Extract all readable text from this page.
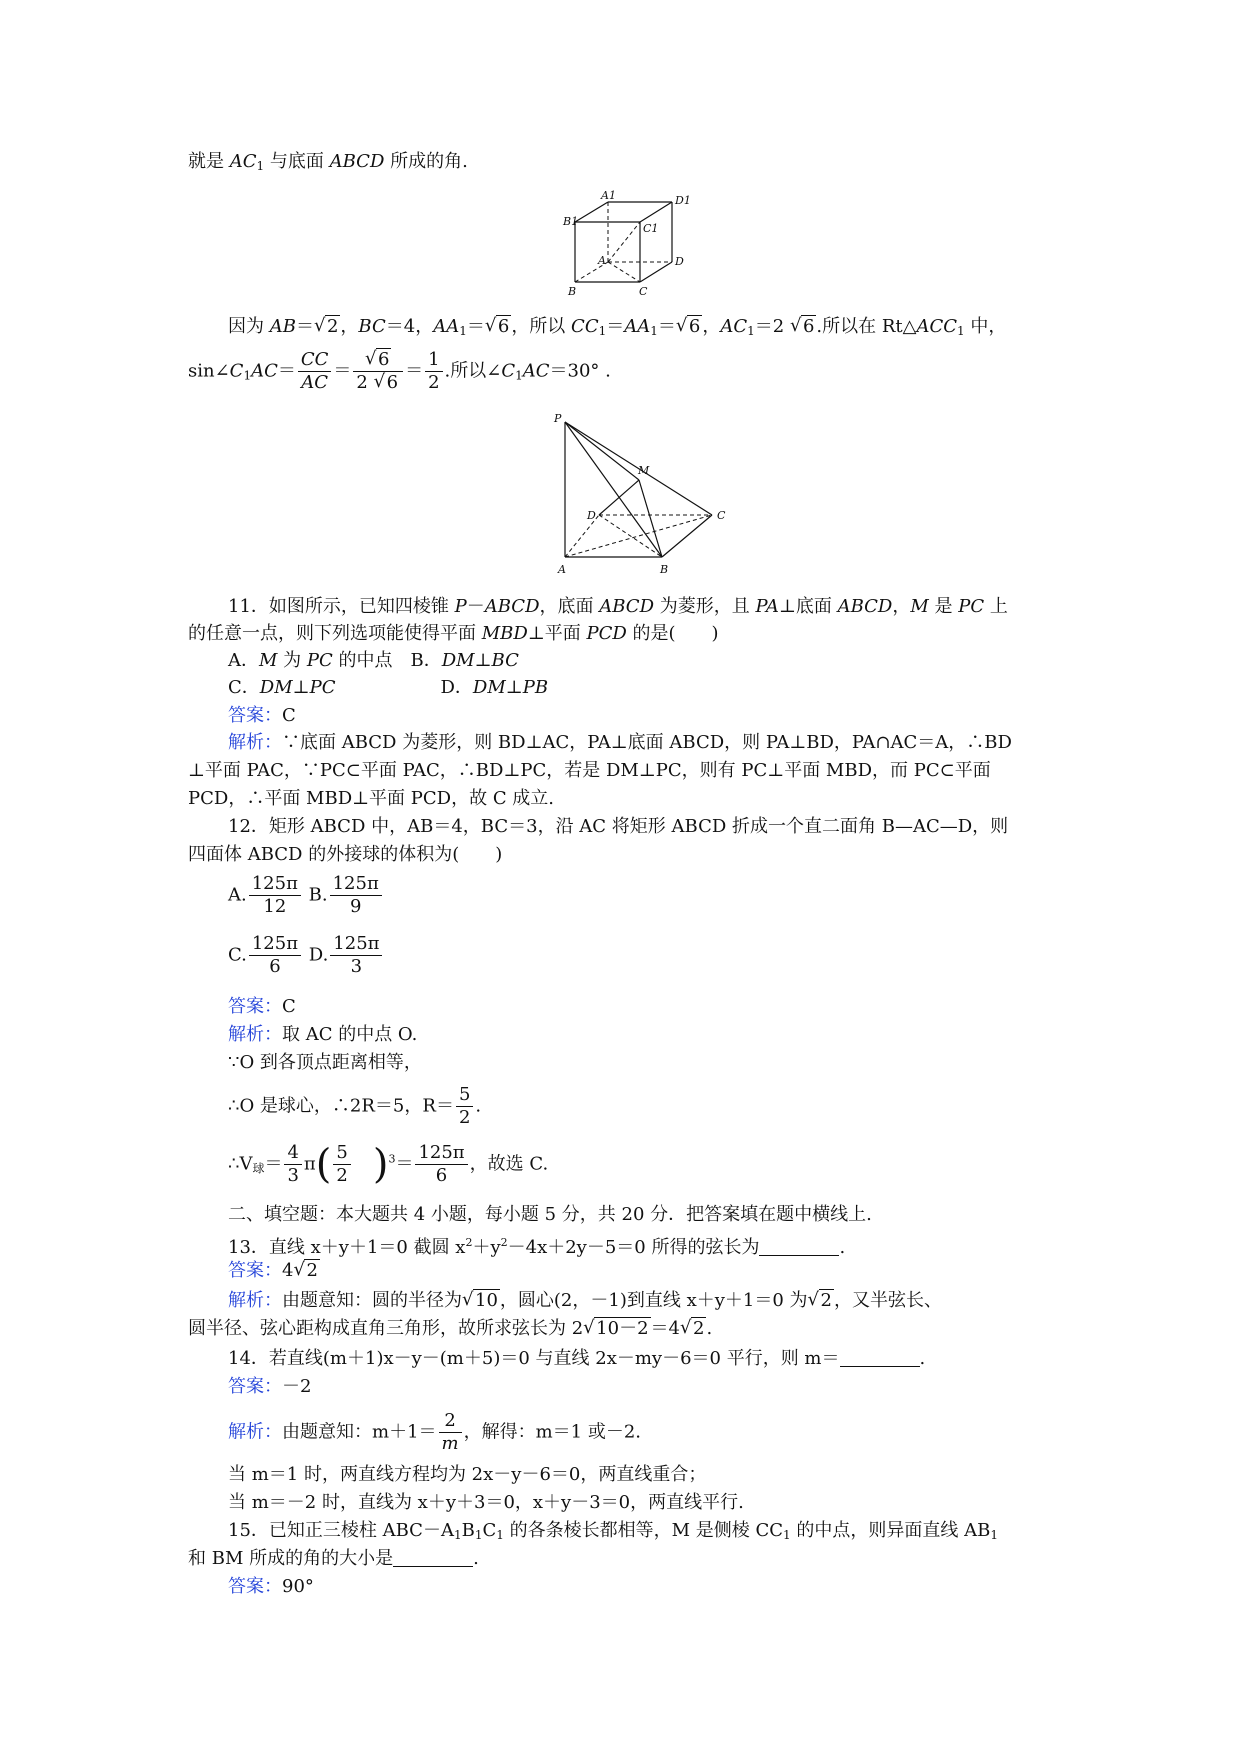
就是 $AC_1$ 与底面 ABCD 所成的角.
A1	D1
B1
C1
A	D
B	C
因为 AB＝√ 2 ，BC＝4，$AA_1=√$ 6 ，所以 $CC_1=AA_1=√$ 6 ，$AC_1=2$ √ 6 .所以在 $Rt\triangle ACC_1$ 中，
$\sin\angle C_1AC= \frac{CC}{AC}$ ＝
√ $\frac{6}{2 √ 6} = \frac{1}{2}$ .所以$\angle C_1AC=30^\circ$ .
P
M
D	C
A	B
11．如图所示，已知四棱锥 P－ABCD，底面 ABCD 为菱形，且 PA⊥底面 ABCD，M 是 PC 上
的任意一点，则下列选项能使得平面 MBD⊥平面 PCD 的是(　　)
A．M 为 PC 的中点　B．DM⊥BC
C．DM⊥PC	D．DM⊥PB
答案：C
解析：∵底面 ABCD 为菱形，则 BD⊥AC，PA⊥底面 ABCD，则 PA⊥BD，PA∩AC＝A，∴BD
⊥平面 PAC，∵PC⊂平面 PAC，∴BD⊥PC，若是 DM⊥PC，则有 PC⊥平面 MBD，而 PC⊂平面
PCD，∴平面 MBD⊥平面 PCD，故 C 成立.
12．矩形 ABCD 中，AB＝4，BC＝3，沿 AC 将矩形 ABCD 折成一个直二面角 B—AC—D，则
四面体 ABCD 的外接球的体积为(　　)
A. $\frac{125\pi}{12} B$. $\frac{125\pi}{9}$
C. $\frac{125\pi}{6} D$. $\frac{125\pi}{3}$
答案：C
解析：取 AC 的中点 O.
∵O 到各顶点距离相等，
∴O 是球心，∴2R＝5，$R= \frac{5}{2}$ .
$\therefore V_球= \frac{4}{3} \pi( \frac{5}{2} )^3= \frac{125\pi}{6}$ ，故选 C.
二、填空题：本大题共 4 小题，每小题 5 分，共 20 分．把答案填在题中横线上.
13．直线 x＋y＋1＝0 截圆 $x^2+y^2-4x+2y-5=0$ 所得的弦长为	.
答案：4√ 2
解析：由题意知：圆的半径为√ 10 ，圆心(2，－1)到直线 x＋y＋1＝0 为√ 2 ，又半弦长、
圆半径、弦心距构成直角三角形，故所求弦长为 2√ 10－2 ＝4√ 2 .
14．若直线(m＋1)x－y－(m＋5)＝0 与直线 2x－my－6＝0 平行，则 m＝	.
答案：－2
解析：由题意知：$m+1= \frac{2}{m}$ ，解得：m＝1 或－2.
当 m＝1 时，两直线方程均为 2x－y－6＝0，两直线重合；
当 m＝－2 时，直线为 x＋y＋3＝0，x＋y－3＝0，两直线平行.
15．已知正三棱柱 $ABC-A_1B_1C_1$ 的各条棱长都相等，M 是侧棱 $CC_1$ 的中点，则异面直线 $AB_1$
和 BM 所成的角的大小是	.
答案：90°
